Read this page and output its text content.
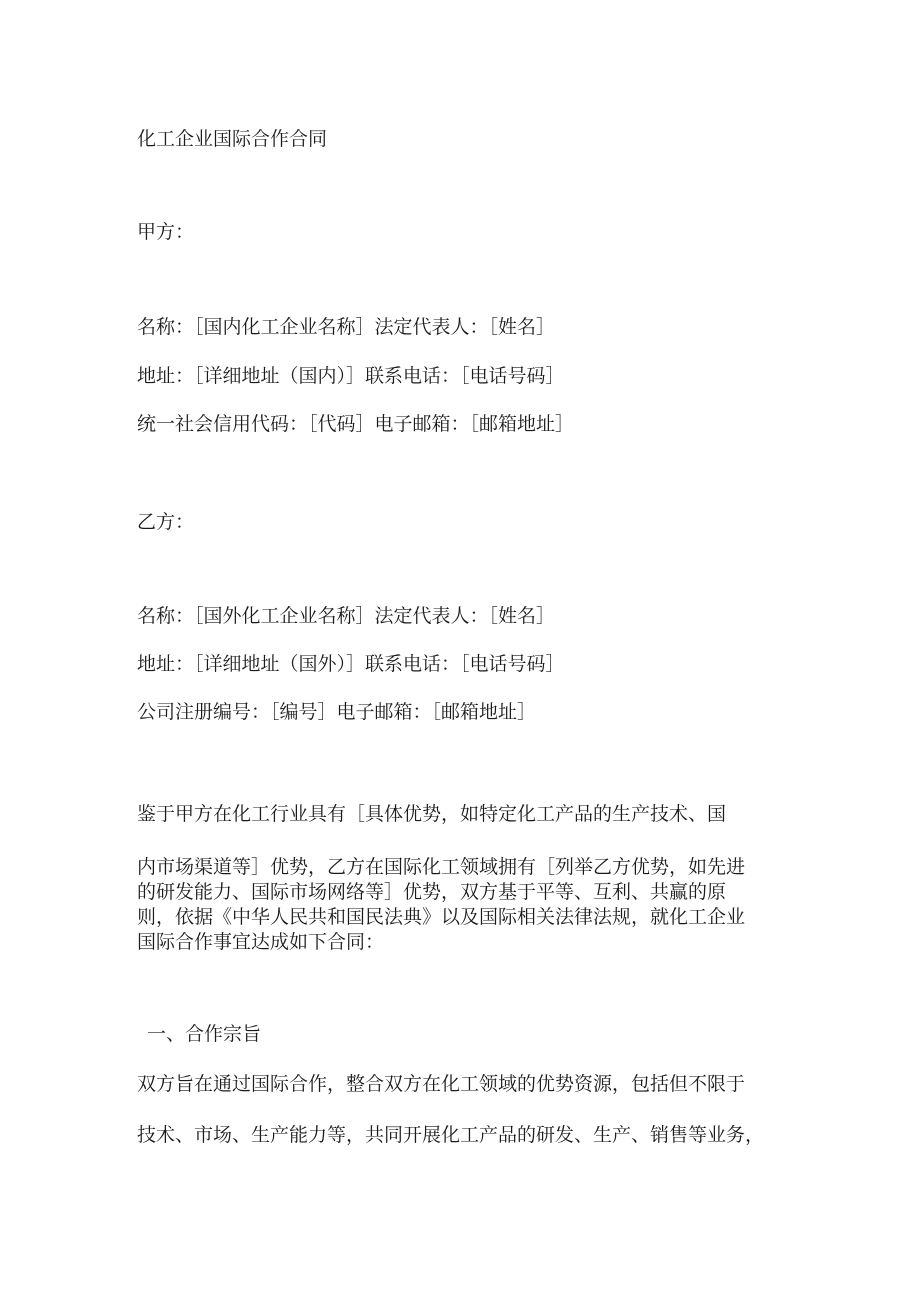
化工企业国际合作合同
甲方：
名称：［国内化工企业名称］法定代表人：［姓名］
地址：［详细地址（国内）］联系电话：［电话号码］
统一社会信用代码：［代码］电子邮箱：［邮箱地址］
乙方：
名称：［国外化工企业名称］法定代表人：［姓名］
地址：［详细地址（国外）］联系电话：［电话号码］
公司注册编号：［编号］电子邮箱：［邮箱地址］
鉴于甲方在化工行业具有［具体优势，如特定化工产品的生产技术、国
内市场渠道等］优势，乙方在国际化工领域拥有［列举乙方优势，如先进
的研发能力、国际市场网络等］优势，双方基于平等、互利、共赢的原
则，依据《中华人民共和国民法典》以及国际相关法律法规，就化工企业
国际合作事宜达成如下合同：
一、合作宗旨
双方旨在通过国际合作，整合双方在化工领域的优势资源，包括但不限于
技术、市场、生产能力等，共同开展化工产品的研发、生产、销售等业务，
